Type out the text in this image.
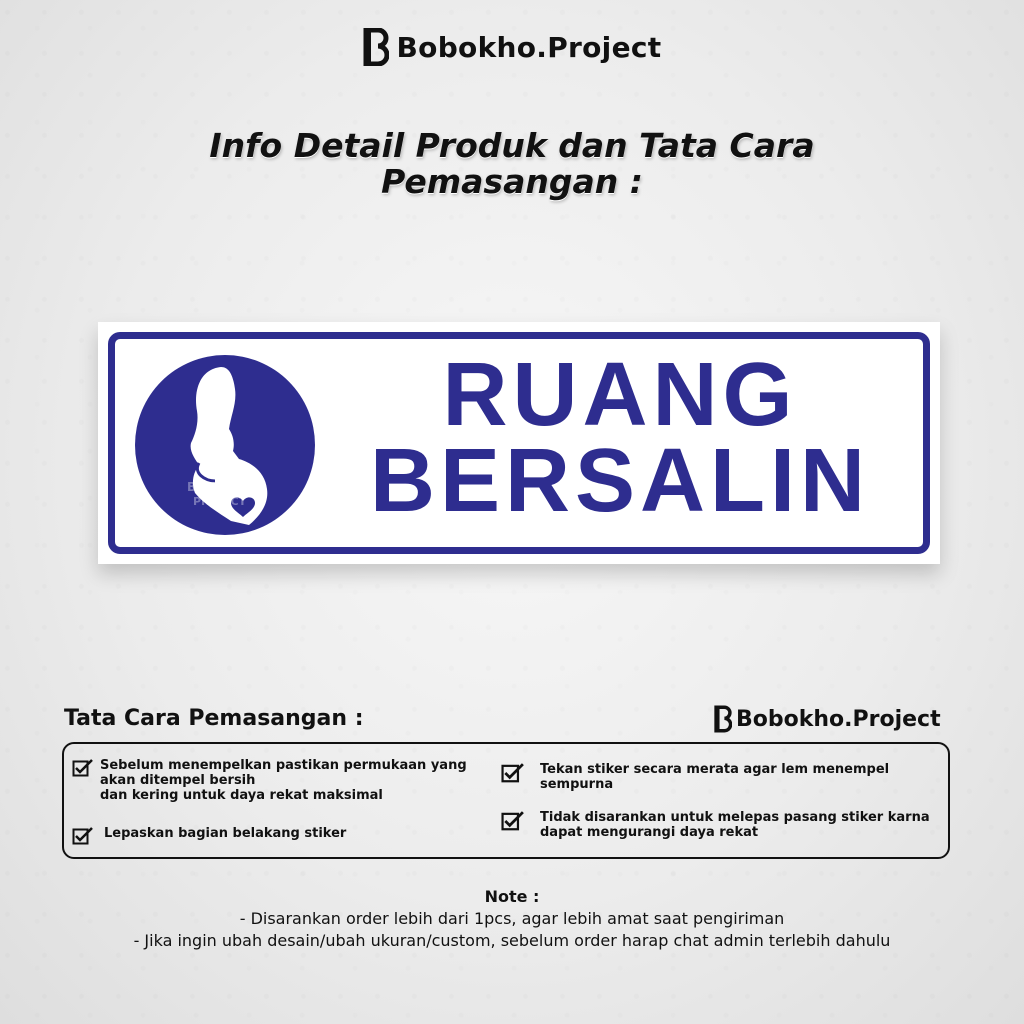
Bobokho.Project
Info Detail Produk dan Tata Cara
Pemasangan :
BOKHO.
PROJECT
RUANG
BERSALIN
Tata Cara Pemasangan :	Bobokho.Project
Sebelum menempelkan pastikan permukaan yang
akan ditempel bersih
dan kering untuk daya rekat maksimal
Lepaskan bagian belakang stiker
Tekan stiker secara merata agar lem menempel
sempurna
Tidak disarankan untuk melepas pasang stiker karna
dapat mengurangi daya rekat
Note :
- Disarankan order lebih dari 1pcs, agar lebih amat saat pengiriman
- Jika ingin ubah desain/ubah ukuran/custom, sebelum order harap chat admin terlebih dahulu
